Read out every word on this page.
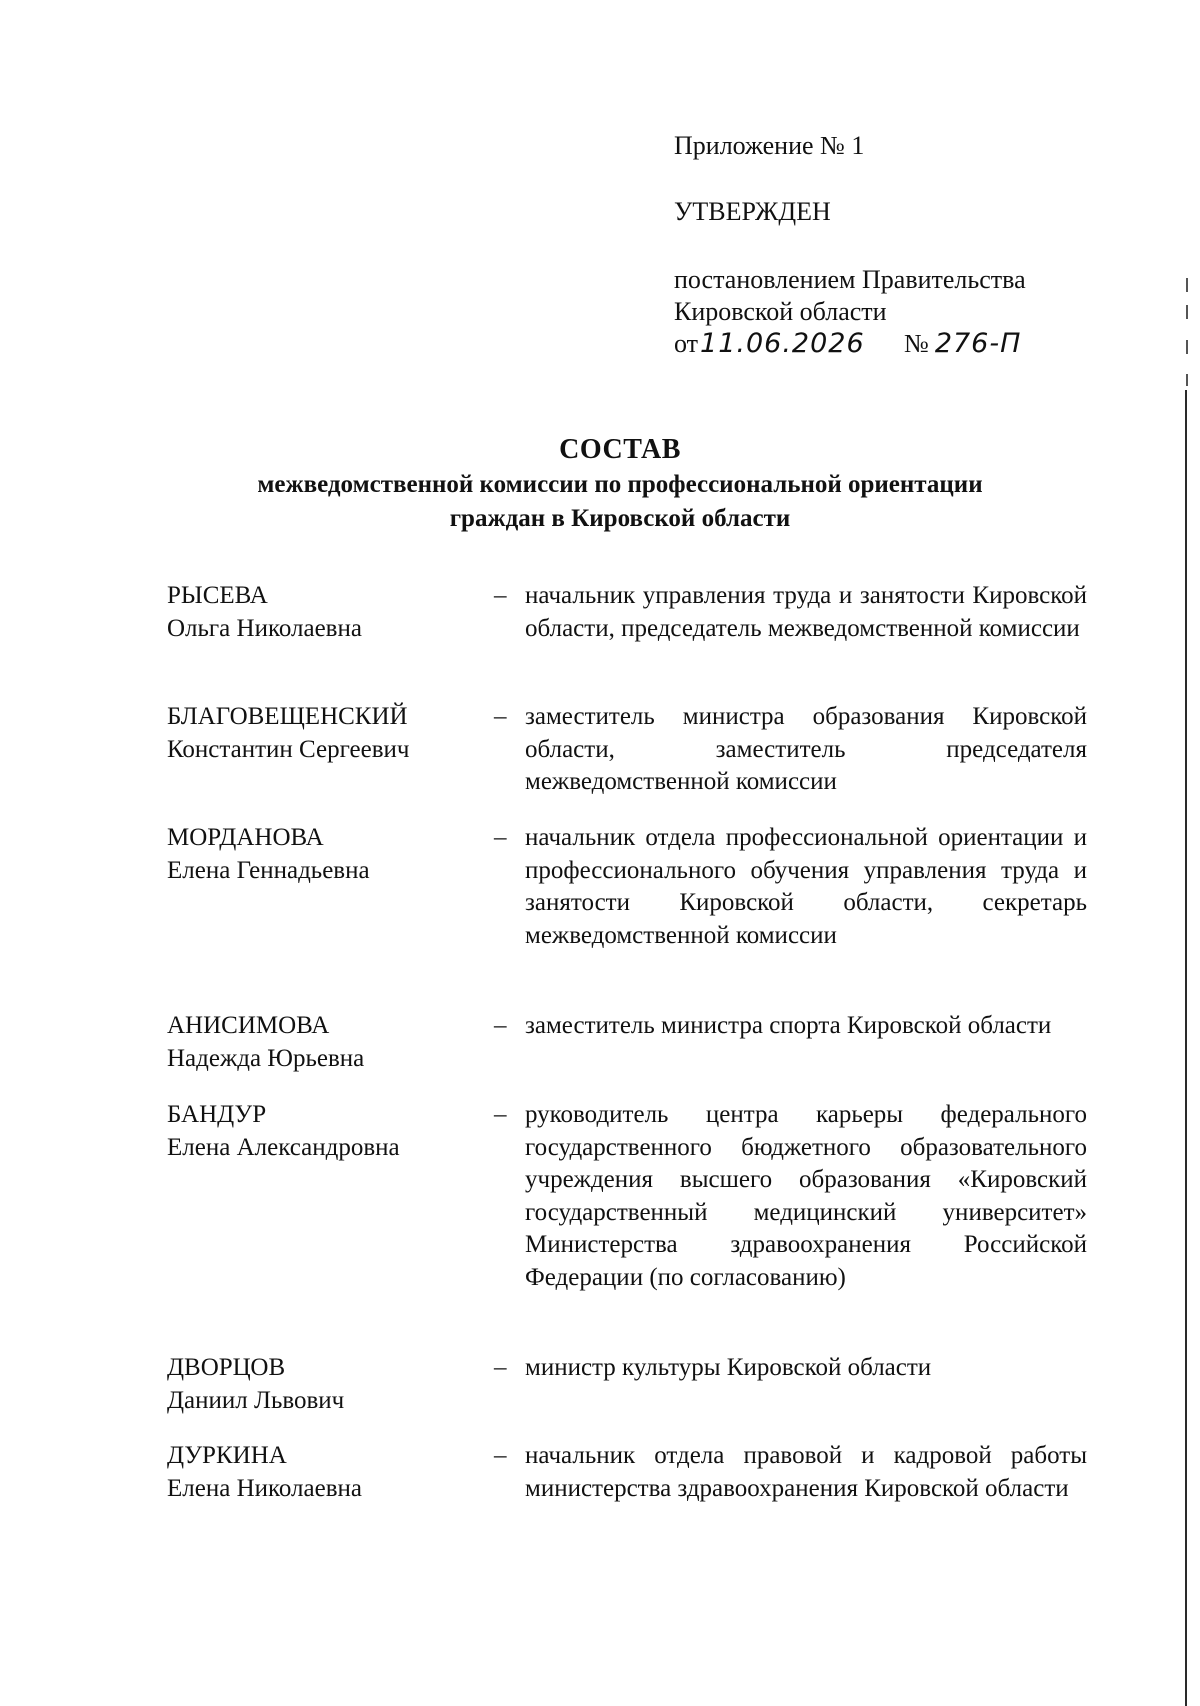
Приложение № 1
УТВЕРЖДЕН
постановлением Правительства
Кировской области
от11.06.2026 № 276-П
СОСТАВ
межведомственной комиссии по профессиональной ориентации
граждан в Кировской области
РЫСЕВА
Ольга Николаевна
– начальник управления труда и занятости Кировской области, председатель межведомственной комиссии
БЛАГОВЕЩЕНСКИЙ
Константин Сергеевич
– заместитель министра образования Кировской области, заместитель председателя межведомственной комиссии
МОРДАНОВА
Елена Геннадьевна
– начальник отдела профессиональной ориентации и профессионального обучения управления труда и занятости Кировской области, секретарь межведомственной комиссии
АНИСИМОВА
Надежда Юрьевна
– заместитель министра спорта Кировской области
БАНДУР
Елена Александровна
– руководитель центра карьеры федерального государственного бюджетного образовательного учреждения высшего образования «Кировский государственный медицинский университет» Министерства здравоохранения Российской Федерации (по согласованию)
ДВОРЦОВ
Даниил Львович
– министр культуры Кировской области
ДУРКИНА
Елена Николаевна
– начальник отдела правовой и кадровой работы министерства здравоохранения Кировской области
